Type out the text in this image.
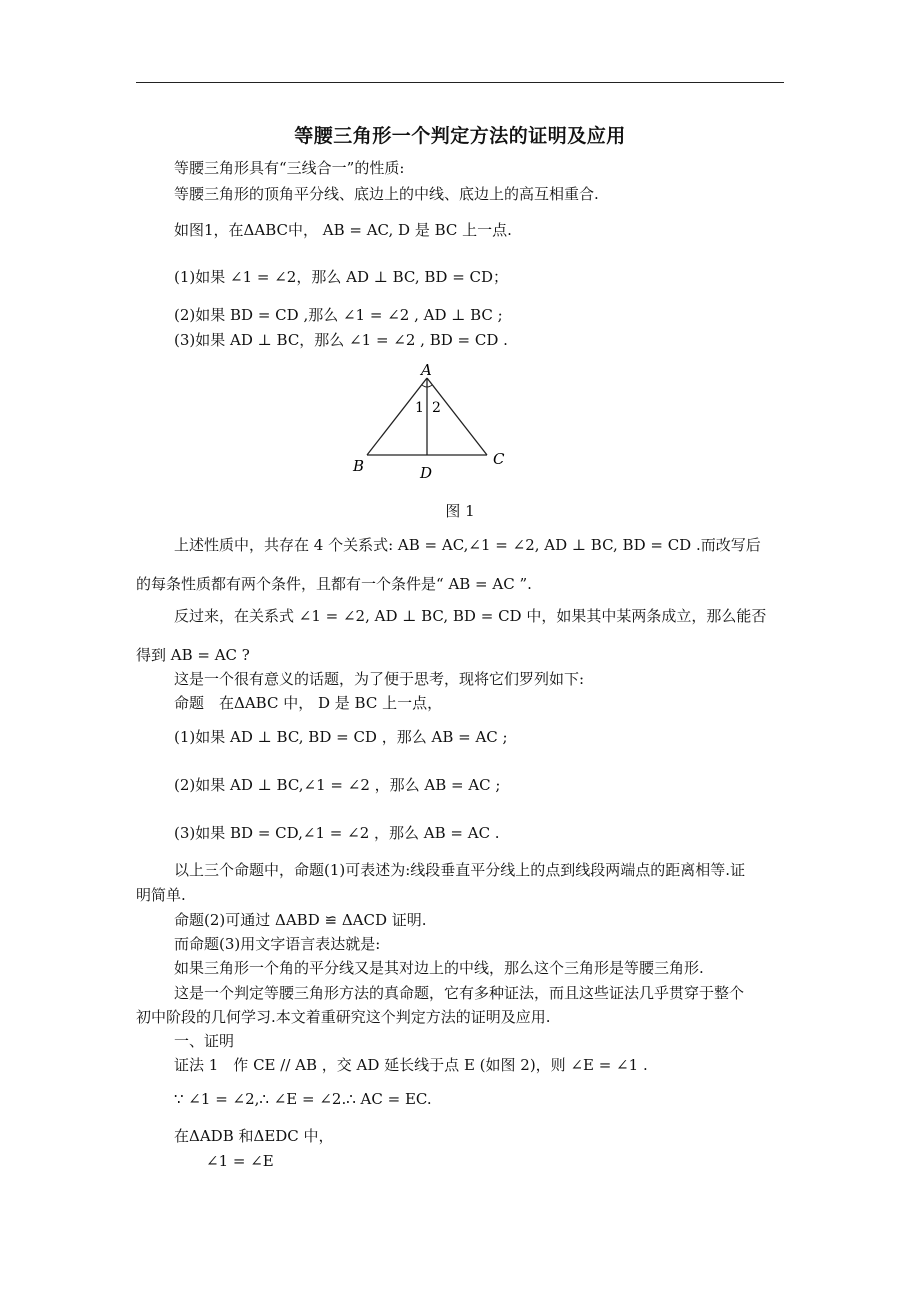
等腰三角形一个判定方法的证明及应用
等腰三角形具有“三线合一”的性质:
等腰三角形的顶角平分线、底边上的中线、底边上的高互相重合.
如图1，在ΔABC中， AB = AC, D 是 BC 上一点.
(1)如果 ∠1 = ∠2，那么 AD ⊥ BC, BD = CD；
(2)如果 BD = CD ,那么 ∠1 = ∠2 , AD ⊥ BC ;
(3)如果 AD ⊥ BC，那么 ∠1 = ∠2 , BD = CD .
A
B	C
D
1 2
图 1
上述性质中，共存在 4 个关系式: AB = AC,∠1 = ∠2, AD ⊥ BC, BD = CD .而改写后
的每条性质都有两个条件，且都有一个条件是“ AB = AC ”.
反过来，在关系式 ∠1 = ∠2, AD ⊥ BC, BD = CD 中，如果其中某两条成立，那么能否
得到 AB = AC ?
这是一个很有意义的话题，为了便于思考，现将它们罗列如下:
命题　在ΔABC 中， D 是 BC 上一点，
(1)如果 AD ⊥ BC, BD = CD ，那么 AB = AC ;
(2)如果 AD ⊥ BC,∠1 = ∠2 ，那么 AB = AC ;
(3)如果 BD = CD,∠1 = ∠2 ，那么 AB = AC .
以上三个命题中，命题(1)可表述为:线段垂直平分线上的点到线段两端点的距离相等.证
明简单.
命题(2)可通过 ΔABD ≌ ΔACD 证明.
而命题(3)用文字语言表达就是:
如果三角形一个角的平分线又是其对边上的中线，那么这个三角形是等腰三角形.
这是一个判定等腰三角形方法的真命题，它有多种证法，而且这些证法几乎贯穿于整个
初中阶段的几何学习.本文着重研究这个判定方法的证明及应用.
一、证明
证法 1　作 CE // AB ，交 AD 延长线于点 E (如图 2)，则 ∠E = ∠1 .
∵ ∠1 = ∠2,∴ ∠E = ∠2.∴ AC = EC.
在ΔADB 和ΔEDC 中，
∠1 = ∠E
